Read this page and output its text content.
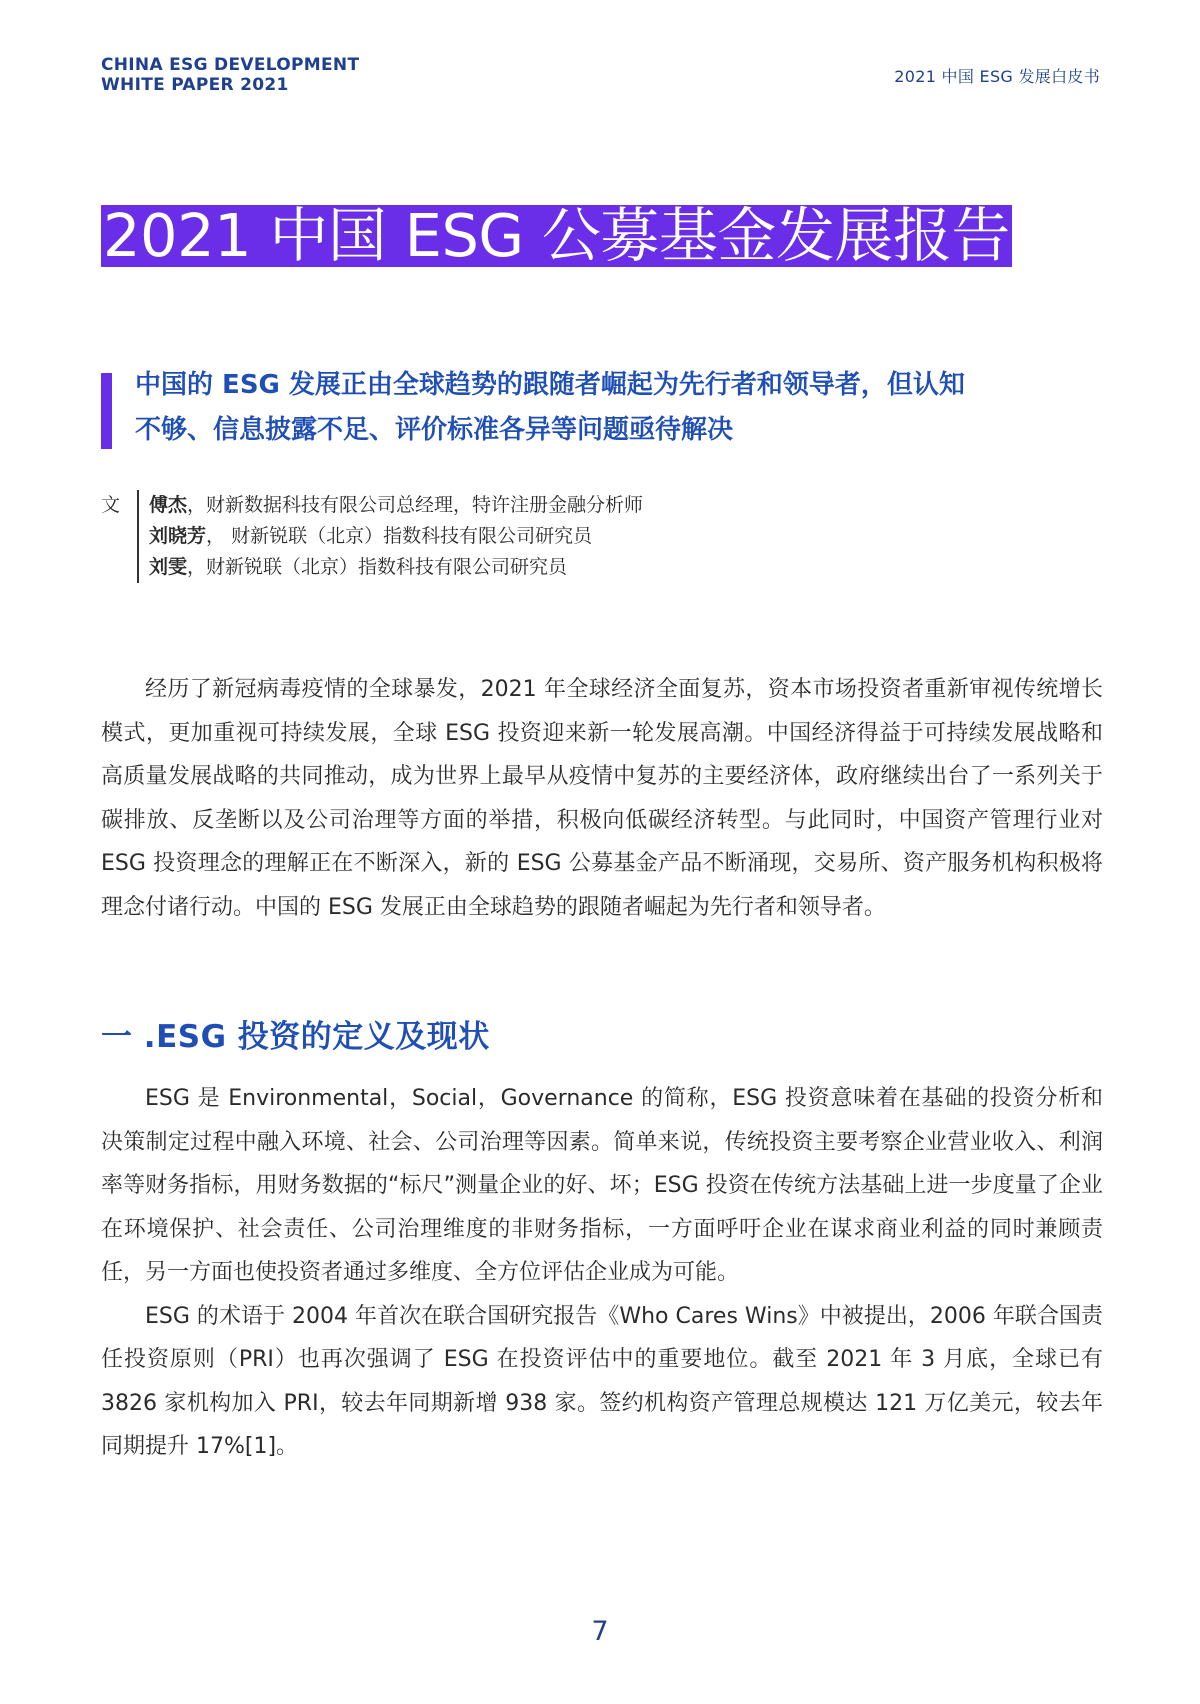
CHINA ESG DEVELOPMENT
WHITE PAPER 2021	2021 中国 ESG 发展白皮书
2021 中国 ESG 公募基金发展报告
中国的 ESG 发展正由全球趋势的跟随者崛起为先行者和领导者，但认知
不够、信息披露不足、评价标准各异等问题亟待解决
文 傅杰，财新数据科技有限公司总经理，特许注册金融分析师
刘晓芳， 财新锐联（北京）指数科技有限公司研究员
刘雯，财新锐联（北京）指数科技有限公司研究员

经历了新冠病毒疫情的全球暴发，2021 年全球经济全面复苏，资本市场投资者重新审视传统增长模式，更加重视可持续发展，全球 ESG 投资迎来新一轮发展高潮。中国经济得益于可持续发展战略和高质量发展战略的共同推动，成为世界上最早从疫情中复苏的主要经济体，政府继续出台了一系列关于碳排放、反垄断以及公司治理等方面的举措，积极向低碳经济转型。与此同时，中国资产管理行业对 ESG 投资理念的理解正在不断深入，新的 ESG 公募基金产品不断涌现，交易所、资产服务机构积极将理念付诸行动。中国的 ESG 发展正由全球趋势的跟随者崛起为先行者和领导者。

一 .ESG 投资的定义及现状

ESG 是 Environmental，Social，Governance 的简称，ESG 投资意味着在基础的投资分析和决策制定过程中融入环境、社会、公司治理等因素。简单来说，传统投资主要考察企业营业收入、利润率等财务指标，用财务数据的“标尺”测量企业的好、坏；ESG 投资在传统方法基础上进一步度量了企业在环境保护、社会责任、公司治理维度的非财务指标，一方面呼吁企业在谋求商业利益的同时兼顾责任，另一方面也使投资者通过多维度、全方位评估企业成为可能。

ESG 的术语于 2004 年首次在联合国研究报告《Who Cares Wins》中被提出，2006 年联合国责任投资原则（PRI）也再次强调了 ESG 在投资评估中的重要地位。截至 2021 年 3 月底，全球已有 3826 家机构加入 PRI，较去年同期新增 938 家。签约机构资产管理总规模达 121 万亿美元，较去年同期提升 17%[1]。

7
